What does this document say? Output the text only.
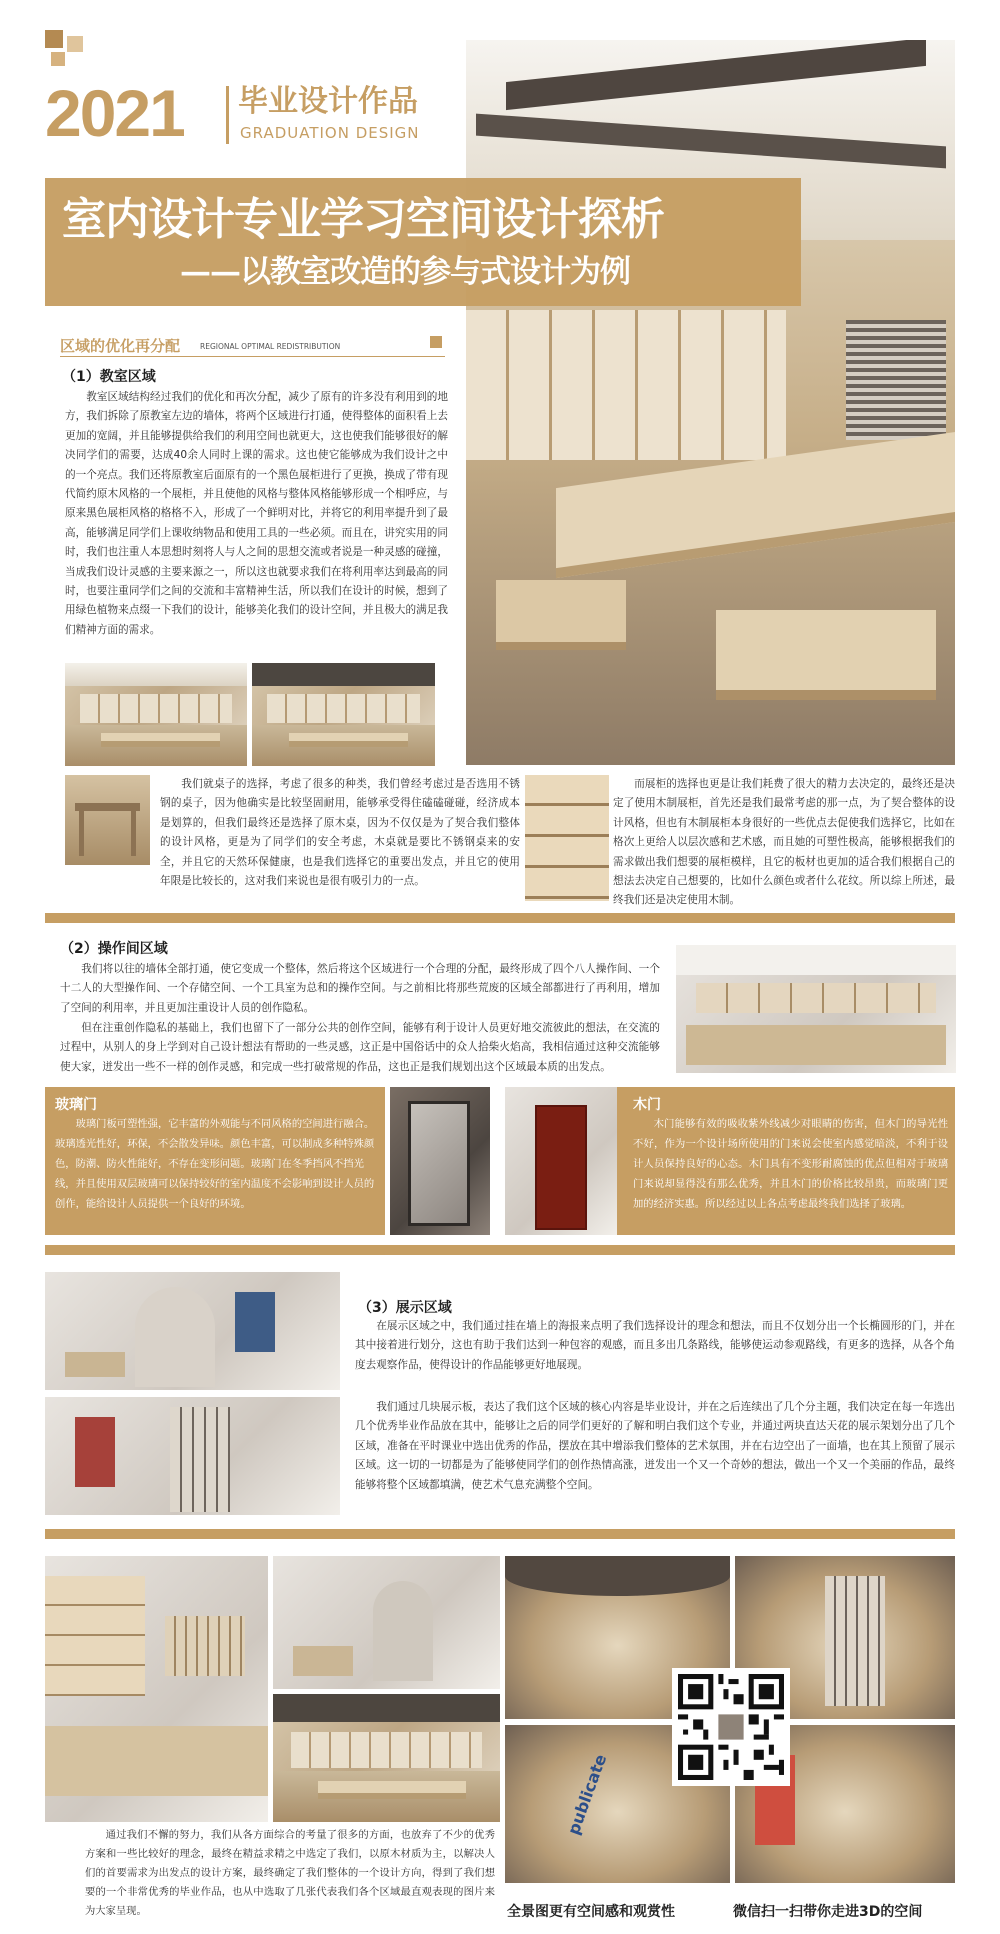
2021 毕业设计作品
GRADUATION DESIGN
室内设计专业学习空间设计探析
——以教室改造的参与式设计为例
区域的优化再分配	REGIONAL OPTIMAL REDISTRIBUTION
（1）教室区域
教室区域结构经过我们的优化和再次分配，减少了原有的许多没有利用到的地方，我们拆除了原教室左边的墙体，将两个区域进行打通，使得整体的面积看上去更加的宽阔，并且能够提供给我们的利用空间也就更大，这也使我们能够很好的解决同学们的需要，达成40余人同时上课的需求。这也使它能够成为我们设计之中的一个亮点。我们还将原教室后面原有的一个黑色展柜进行了更换，换成了带有现代简约原木风格的一个展柜，并且使他的风格与整体风格能够形成一个相呼应，与原来黑色展柜风格的格格不入，形成了一个鲜明对比，并将它的利用率提升到了最高，能够满足同学们上课收纳物品和使用工具的一些必须。而且在，讲究实用的同时，我们也注重人本思想时刻将人与人之间的思想交流或者说是一种灵感的碰撞，当成我们设计灵感的主要来源之一，所以这也就要求我们在将利用率达到最高的同时，也要注重同学们之间的交流和丰富精神生活，所以我们在设计的时候，想到了用绿色植物来点缀一下我们的设计，能够美化我们的设计空间，并且极大的满足我们精神方面的需求。
我们就桌子的选择，考虑了很多的种类，我们曾经考虑过是否选用不锈钢的桌子，因为他确实是比较坚固耐用，能够承受得住磕磕碰碰，经济成本是划算的，但我们最终还是选择了原木桌，因为不仅仅是为了契合我们整体的设计风格，更是为了同学们的安全考虑，木桌就是要比不锈钢桌来的安全，并且它的天然环保健康，也是我们选择它的重要出发点，并且它的使用年限是比较长的，这对我们来说也是很有吸引力的一点。
而展柜的选择也更是让我们耗费了很大的精力去决定的，最终还是决定了使用木制展柜，首先还是我们最常考虑的那一点，为了契合整体的设计风格，但也有木制展柜本身很好的一些优点去促使我们选择它，比如在格次上更给人以层次感和艺术感，而且她的可塑性极高，能够根据我们的需求做出我们想要的展柜模样，且它的板材也更加的适合我们根据自己的想法去决定自己想要的，比如什么颜色或者什么花纹。所以综上所述，最终我们还是决定使用木制。
（2）操作间区域
我们将以往的墙体全部打通，使它变成一个整体，然后将这个区域进行一个合理的分配，最终形成了四个八人操作间、一个十二人的大型操作间、一个存储空间、一个工具室为总和的操作空间。与之前相比将那些荒废的区域全部都进行了再利用，增加了空间的利用率，并且更加注重设计人员的创作隐私。
但在注重创作隐私的基础上，我们也留下了一部分公共的创作空间，能够有利于设计人员更好地交流彼此的想法，在交流的过程中，从别人的身上学到对自己设计想法有帮助的一些灵感，这正是中国俗话中的众人拾柴火焰高，我相信通过这种交流能够使大家，迸发出一些不一样的创作灵感，和完成一些打破常规的作品，这也正是我们规划出这个区域最本质的出发点。
玻璃门
玻璃门板可塑性强，它丰富的外观能与不同风格的空间进行融合。玻璃透光性好，环保，不会散发异味。颜色丰富，可以制成多种特殊颜色，防潮、防火性能好，不存在变形问题。玻璃门在冬季挡风不挡光线，并且使用双层玻璃可以保持较好的室内温度不会影响到设计人员的创作，能给设计人员提供一个良好的环境。
木门
木门能够有效的吸收紫外线减少对眼睛的伤害，但木门的导光性不好，作为一个设计场所使用的门来说会使室内感觉暗淡，不利于设计人员保持良好的心态。木门具有不变形耐腐蚀的优点但相对于玻璃门来说却显得没有那么优秀，并且木门的价格比较昂贵，而玻璃门更加的经济实惠。所以经过以上各点考虑最终我们选择了玻璃。
（3）展示区域
在展示区域之中，我们通过挂在墙上的海报来点明了我们选择设计的理念和想法，而且不仅划分出一个长椭圆形的门，并在其中接着进行划分，这也有助于我们达到一种包容的观感，而且多出几条路线，能够使运动参观路线，有更多的选择，从各个角度去观察作品，使得设计的作品能够更好地展现。
我们通过几块展示板，表达了我们这个区域的核心内容是毕业设计，并在之后连续出了几个分主题，我们决定在每一年选出几个优秀毕业作品放在其中，能够让之后的同学们更好的了解和明白我们这个专业，并通过两块直达天花的展示架划分出了几个区域，准备在平时课业中选出优秀的作品，摆放在其中增添我们整体的艺术氛围，并在右边空出了一面墙，也在其上预留了展示区域。这一切的一切都是为了能够使同学们的创作热情高涨，迸发出一个又一个奇妙的想法，做出一个又一个美丽的作品，最终能够将整个区域都填满，使艺术气息充满整个空间。
publicate
通过我们不懈的努力，我们从各方面综合的考量了很多的方面，也放弃了不少的优秀方案和一些比较好的理念，最终在精益求精之中选定了我们，以原木材质为主，以解决人们的首要需求为出发点的设计方案，最终确定了我们整体的一个设计方向，得到了我们想要的一个非常优秀的毕业作品，也从中选取了几张代表我们各个区域最直观表现的图片来为大家呈现。	全景图更有空间感和观赏性	微信扫一扫带你走进3D的空间
